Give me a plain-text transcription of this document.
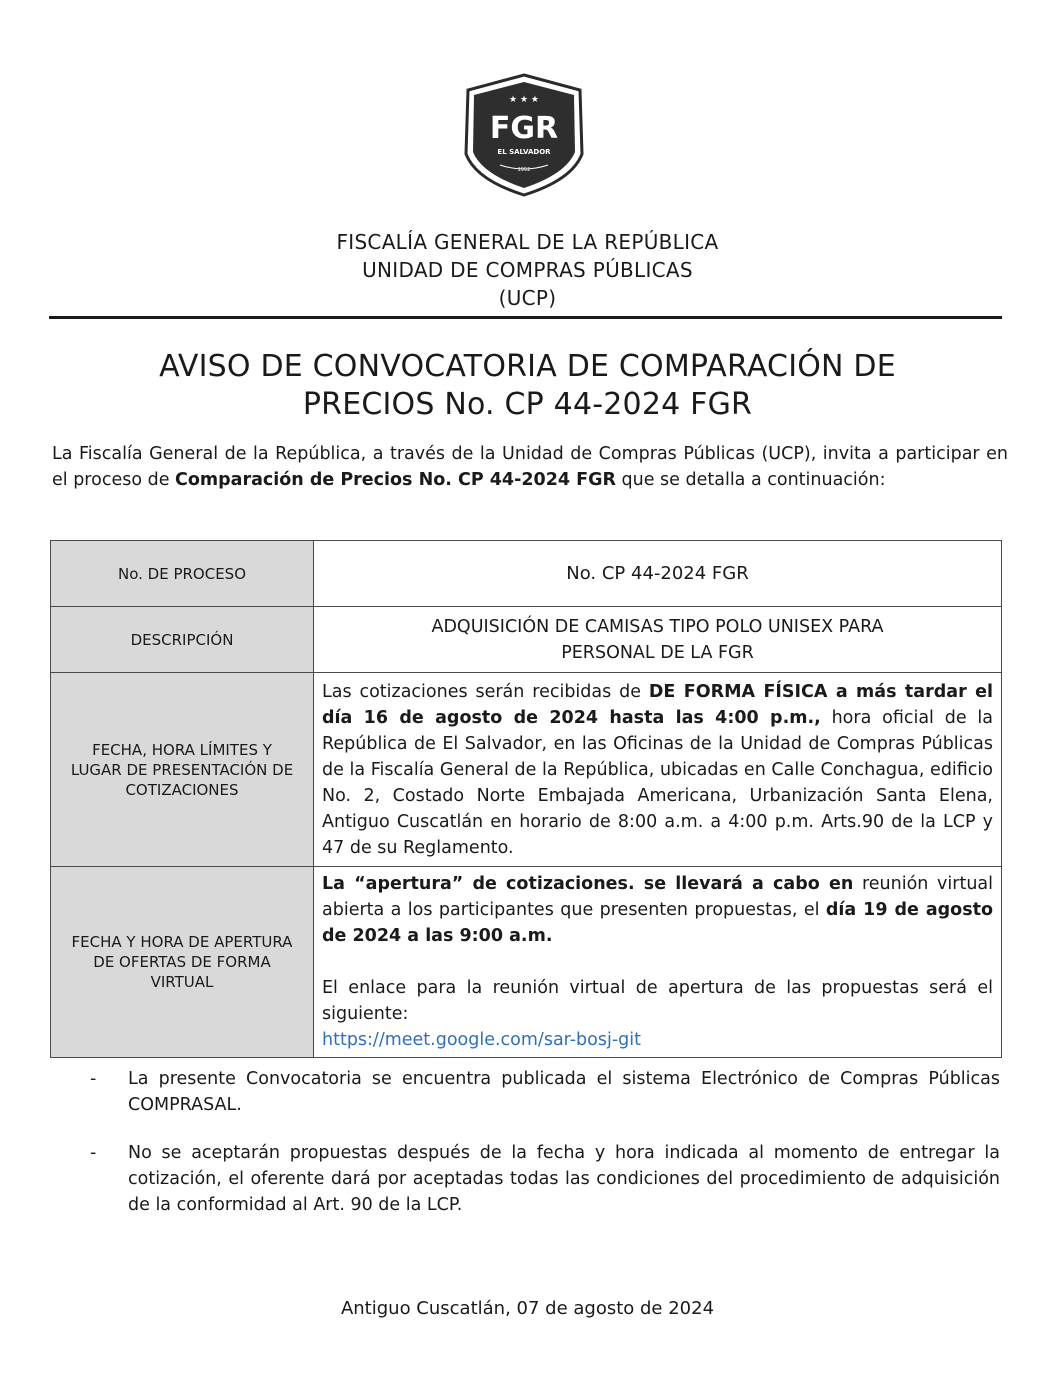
★ ★ ★
FGR
EL SALVADOR
1952
FISCALÍA GENERAL DE LA REPÚBLICA
UNIDAD DE COMPRAS PÚBLICAS
(UCP)
AVISO DE CONVOCATORIA DE COMPARACIÓN DE
PRECIOS No. CP 44-2024 FGR
La Fiscalía General de la República, a través de la Unidad de Compras Públicas (UCP), invita a participar en el proceso de Comparación de Precios No. CP 44-2024 FGR que se detalla a continuación:
No. DE PROCESO	No. CP 44-2024 FGR
DESCRIPCIÓN	ADQUISICIÓN DE CAMISAS TIPO POLO UNISEX PARA PERSONAL DE LA FGR
FECHA, HORA LÍMITES Y LUGAR DE PRESENTACIÓN DE COTIZACIONES	Las cotizaciones serán recibidas de DE FORMA FÍSICA a más tardar el día 16 de agosto de 2024 hasta las 4:00 p.m., hora oficial de la República de El Salvador, en las Oficinas de la Unidad de Compras Públicas de la Fiscalía General de la República, ubicadas en Calle Conchagua, edificio No. 2, Costado Norte Embajada Americana, Urbanización Santa Elena, Antiguo Cuscatlán en horario de 8:00 a.m. a 4:00 p.m. Arts.90 de la LCP y 47 de su Reglamento.
FECHA Y HORA DE APERTURA DE OFERTAS DE FORMA VIRTUAL	La “apertura” de cotizaciones. se llevará a cabo en reunión virtual abierta a los participantes que presenten propuestas, el día 19 de agosto de 2024 a las 9:00 a.m.
El enlace para la reunión virtual de apertura de las propuestas será el siguiente:
https://meet.google.com/sar-bosj-git
- La presente Convocatoria se encuentra publicada el sistema Electrónico de Compras Públicas COMPRASAL.
- No se aceptarán propuestas después de la fecha y hora indicada al momento de entregar la cotización, el oferente dará por aceptadas todas las condiciones del procedimiento de adquisición de la conformidad al Art. 90 de la LCP.
Antiguo Cuscatlán, 07 de agosto de 2024
